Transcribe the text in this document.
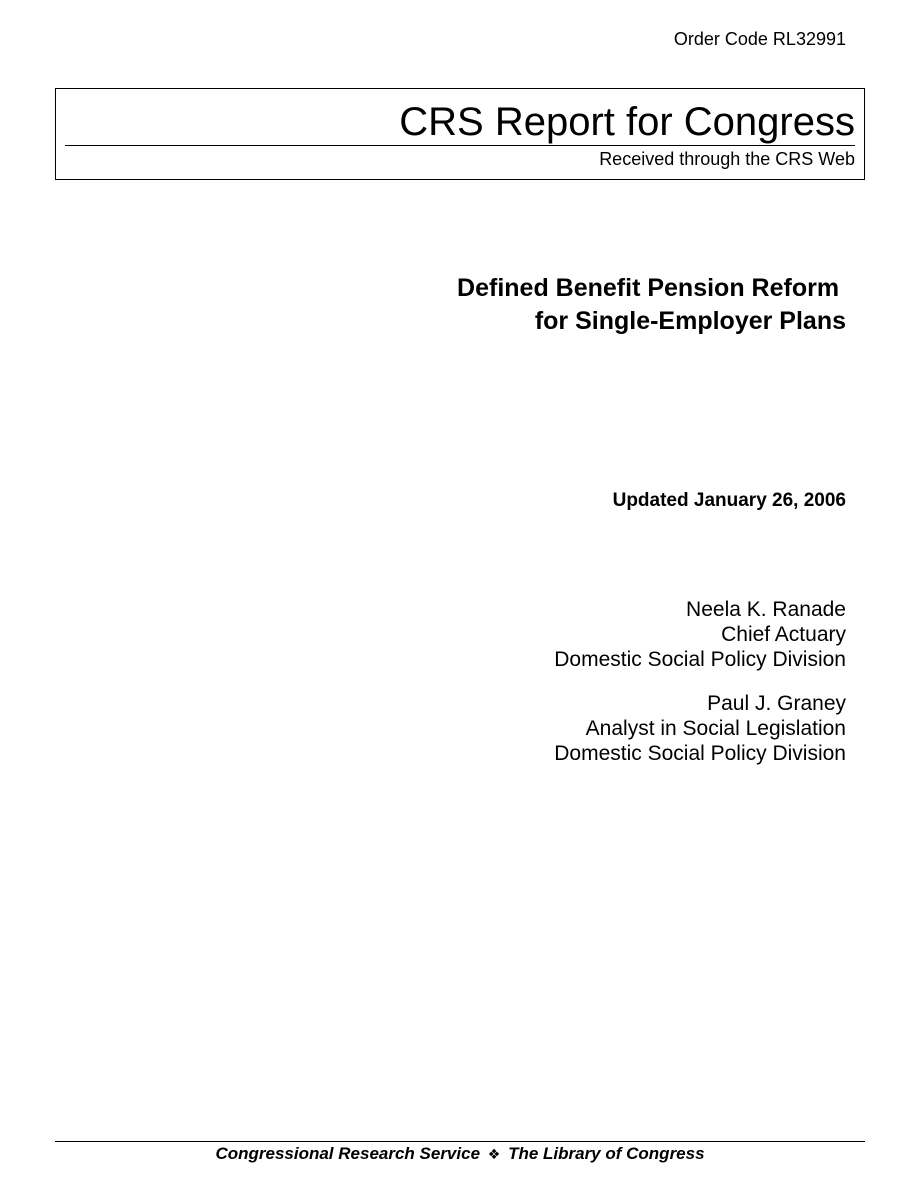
Order Code RL32991
CRS Report for Congress
Received through the CRS Web
Defined Benefit Pension Reform
for Single-Employer Plans
Updated January 26, 2006
Neela K. Ranade
Chief Actuary
Domestic Social Policy Division
Paul J. Graney
Analyst in Social Legislation
Domestic Social Policy Division
Congressional Research Service ❖ The Library of Congress
